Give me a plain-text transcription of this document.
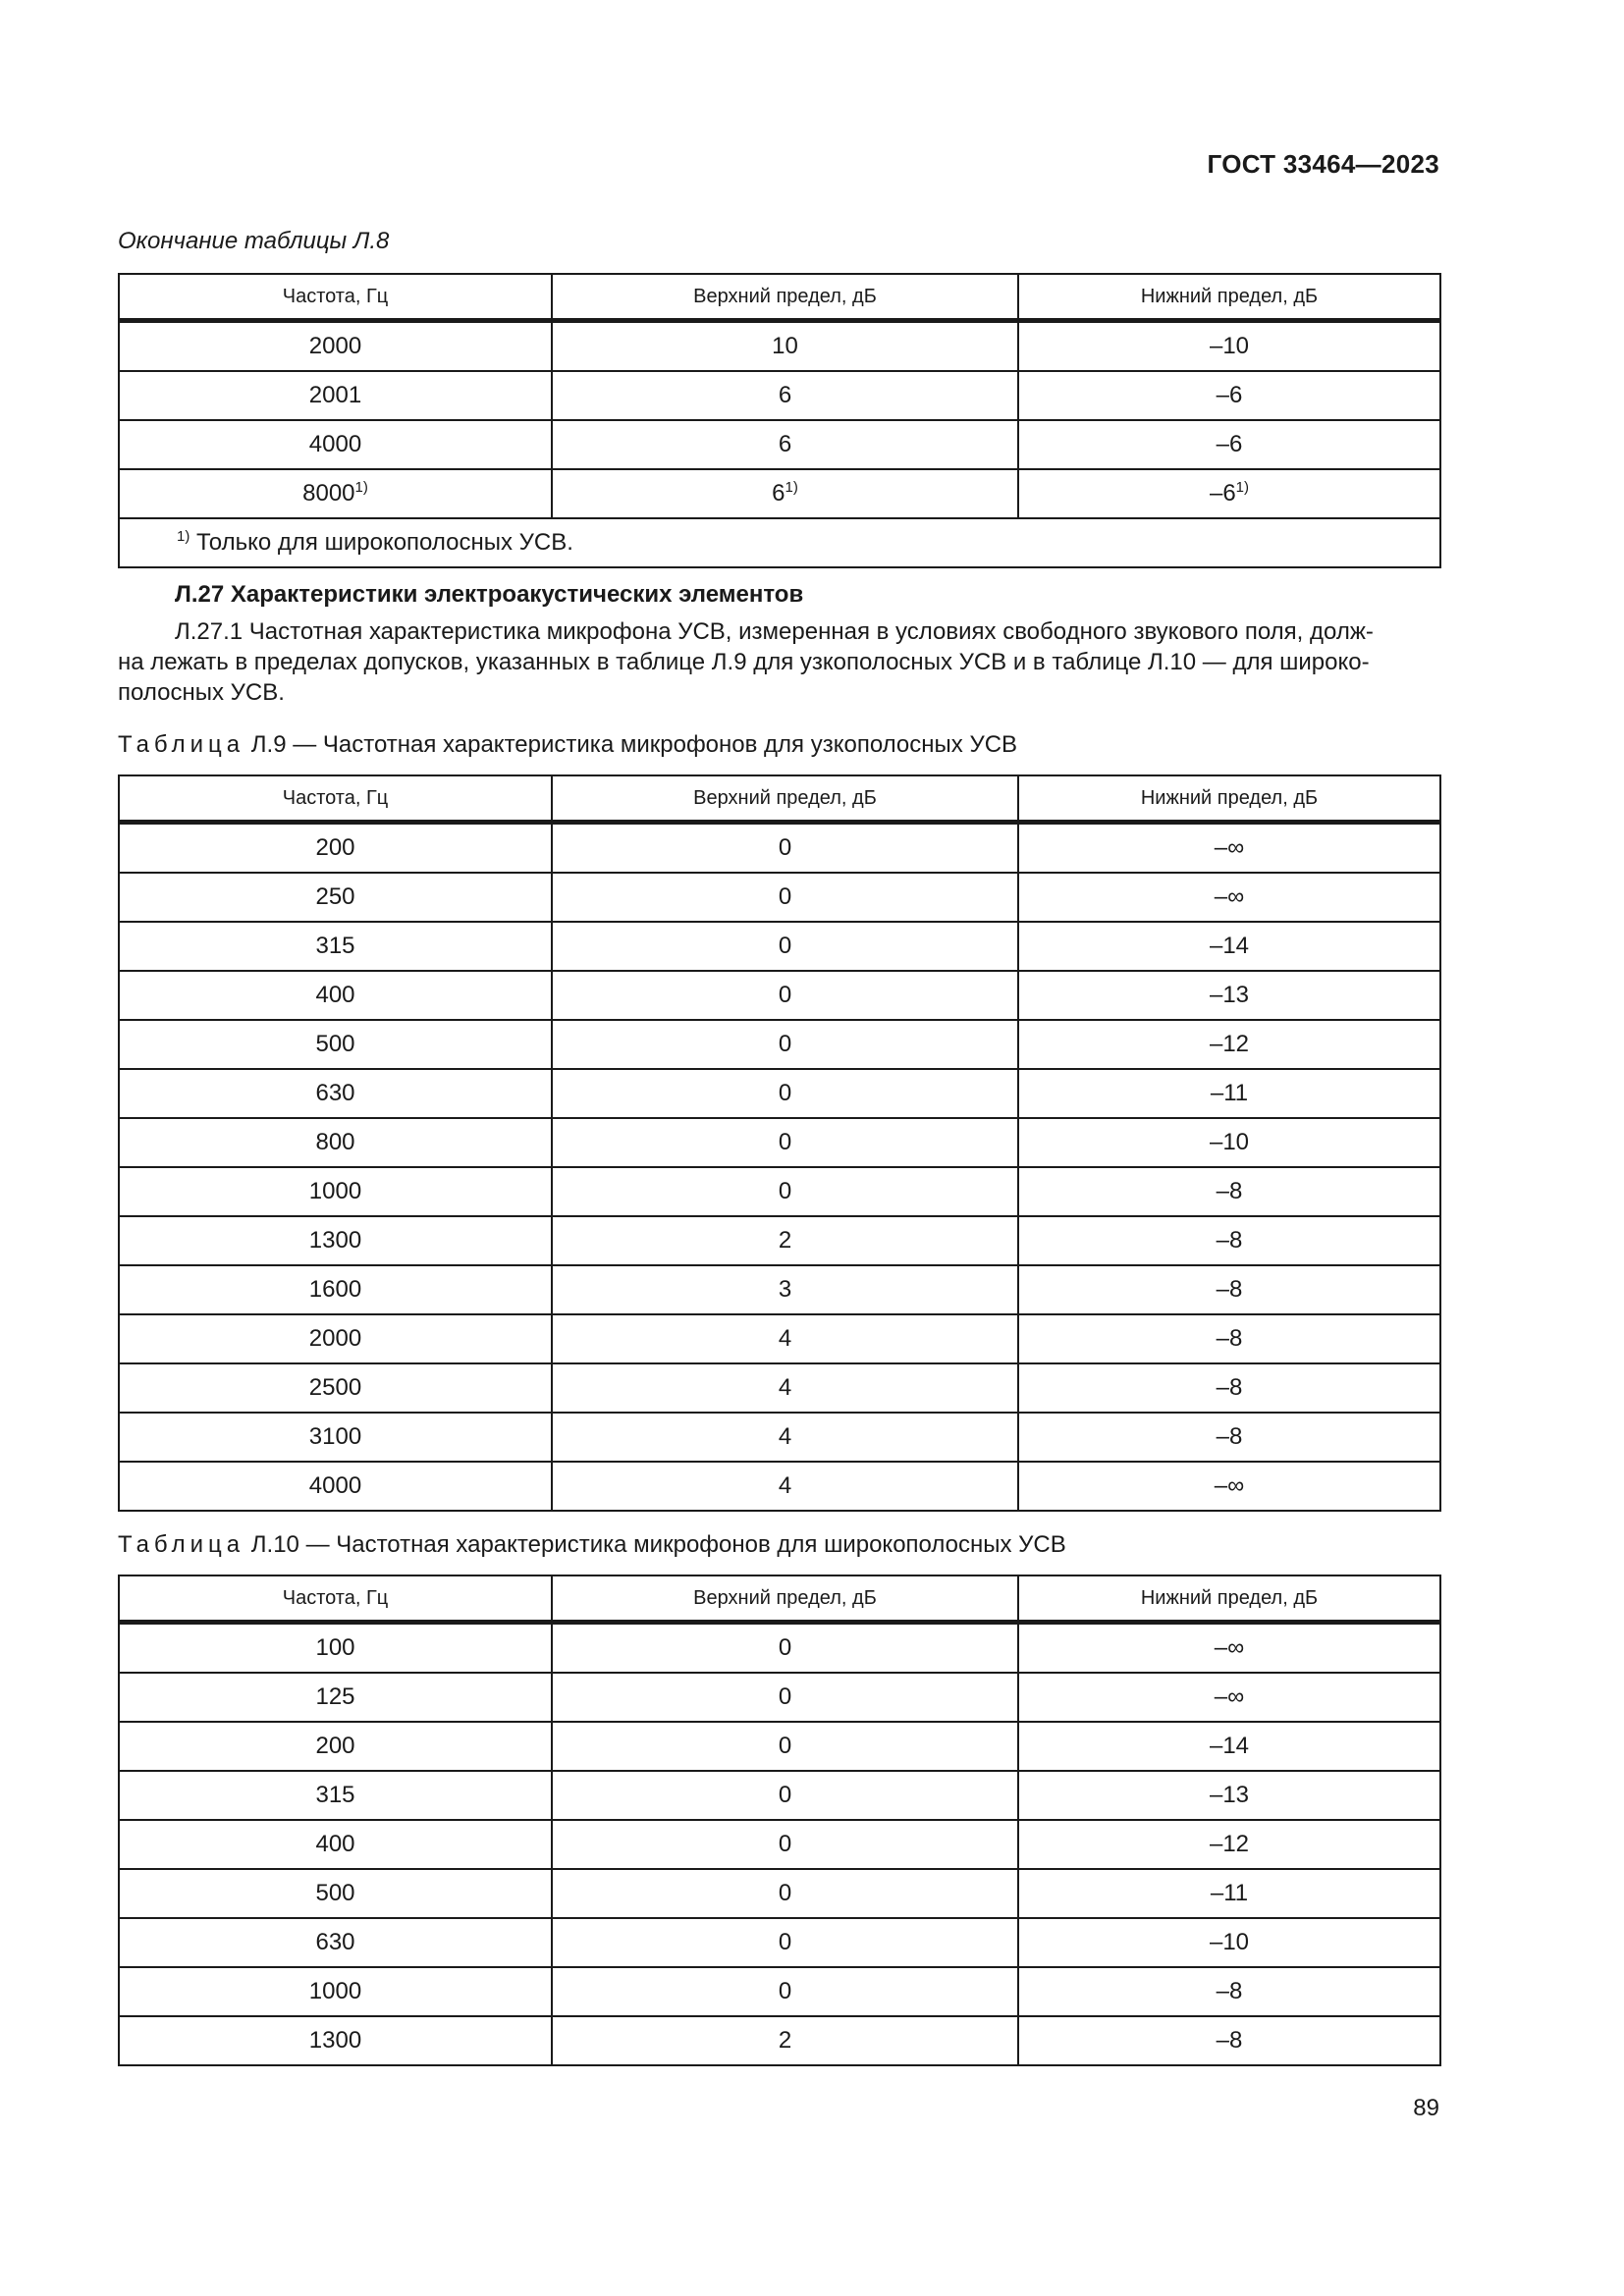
ГОСТ 33464—2023
Окончание таблицы Л.8
Частота, Гц	Верхний предел, дБ	Нижний предел, дБ
2000	10	–10
2001	6	–6
4000	6	–6
8000$^{1)}$	6$^{1)}$	–6$^{1)}$
$^{1)}$ Только для широкополосных УСВ.		
Л.27 Характеристики электроакустических элементов
Л.27.1 Частотная характеристика микрофона УСВ, измеренная в условиях свободного звукового поля, долж-
на лежать в пределах допусков, указанных в таблице Л.9 для узкополосных УСВ и в таблице Л.10 — для широко-
полосных УСВ.
Таблица Л.9 — Частотная характеристика микрофонов для узкополосных УСВ
Частота, Гц	Верхний предел, дБ	Нижний предел, дБ
200	0	–∞
250	0	–∞
315	0	–14
400	0	–13
500	0	–12
630	0	–11
800	0	–10
1000	0	–8
1300	2	–8
1600	3	–8
2000	4	–8
2500	4	–8
3100	4	–8
4000	4	–∞
Таблица Л.10 — Частотная характеристика микрофонов для широкополосных УСВ
Частота, Гц	Верхний предел, дБ	Нижний предел, дБ
100	0	–∞
125	0	–∞
200	0	–14
315	0	–13
400	0	–12
500	0	–11
630	0	–10
1000	0	–8
1300	2	–8
89
